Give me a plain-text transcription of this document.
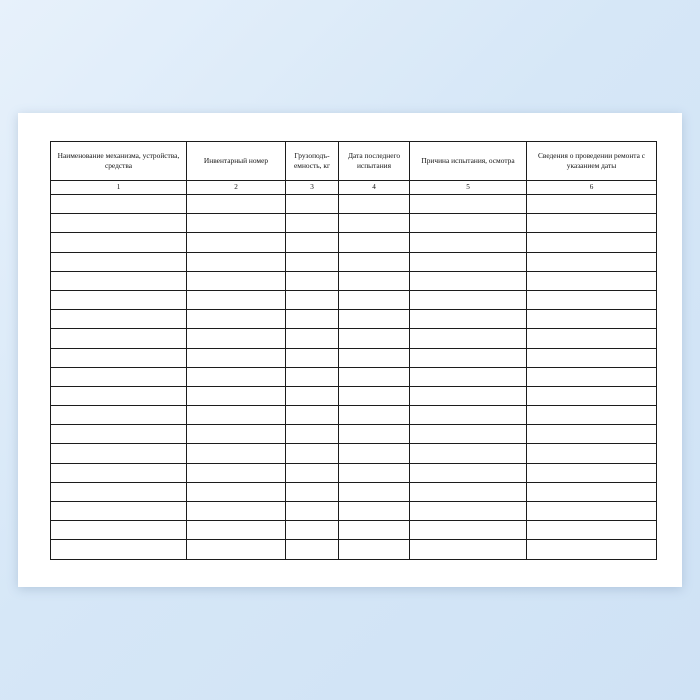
Наименование механизма, устройства, средства	Инвентарный номер	Грузоподъ-емность, кг	Дата последнего испытания	Причина испытания, осмотра	Сведения о проведении ремонта с указанием даты
1	2	3	4	5	6
